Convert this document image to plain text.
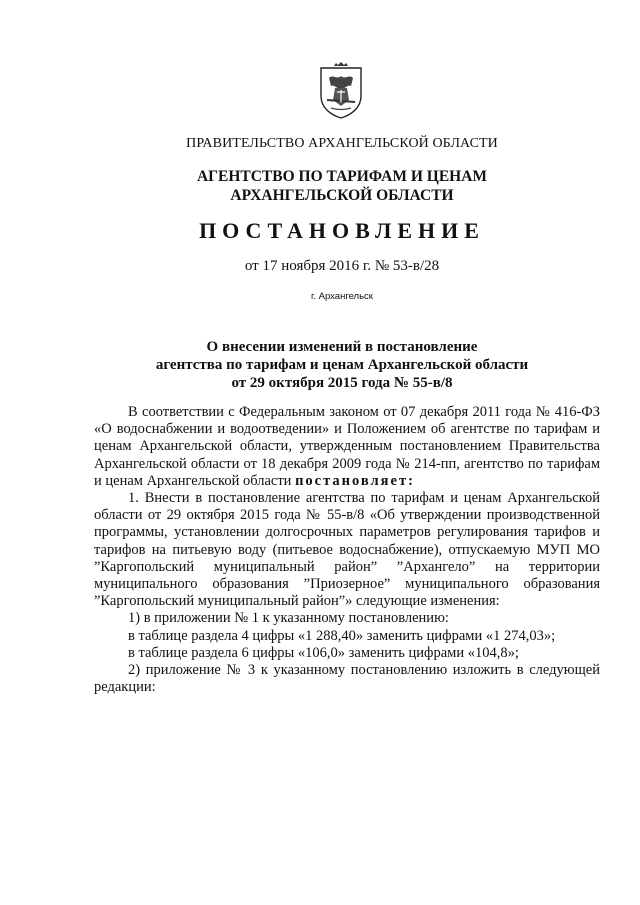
ПРАВИТЕЛЬСТВО АРХАНГЕЛЬСКОЙ ОБЛАСТИ
АГЕНТСТВО ПО ТАРИФАМ И ЦЕНАМ
АРХАНГЕЛЬСКОЙ ОБЛАСТИ
ПОСТАНОВЛЕНИЕ
от 17 ноября 2016 г. № 53-в/28
г. Архангельск
О внесении изменений в постановление
агентства по тарифам и ценам Архангельской области
от 29 октября 2015 года № 55-в/8

В соответствии с Федеральным законом от 07 декабря 2011 года № 416-ФЗ «О водоснабжении и водоотведении» и Положением об агентстве по тарифам и ценам Архангельской области, утвержденным постановлением Правительства Архангельской области от 18 декабря 2009 года № 214-пп, агентство по тарифам и ценам Архангельской области постановляет:

1. Внести в постановление агентства по тарифам и ценам Архангельской области от 29 октября 2015 года № 55-в/8 «Об утверждении производственной программы, установлении долгосрочных параметров регулирования тарифов и тарифов на питьевую воду (питьевое водоснабжение), отпускаемую МУП МО ”Каргопольский муниципальный район” ”Архангело” на территории муниципального образования ”Приозерное” муниципального образования ”Каргопольский муниципальный район”» следующие изменения:

1) в приложении № 1 к указанному постановлению:

в таблице раздела 4 цифры «1 288,40» заменить цифрами «1 274,03»;

в таблице раздела 6 цифры «106,0» заменить цифрами «104,8»;

2) приложение № 3 к указанному постановлению изложить в следующей редакции:
